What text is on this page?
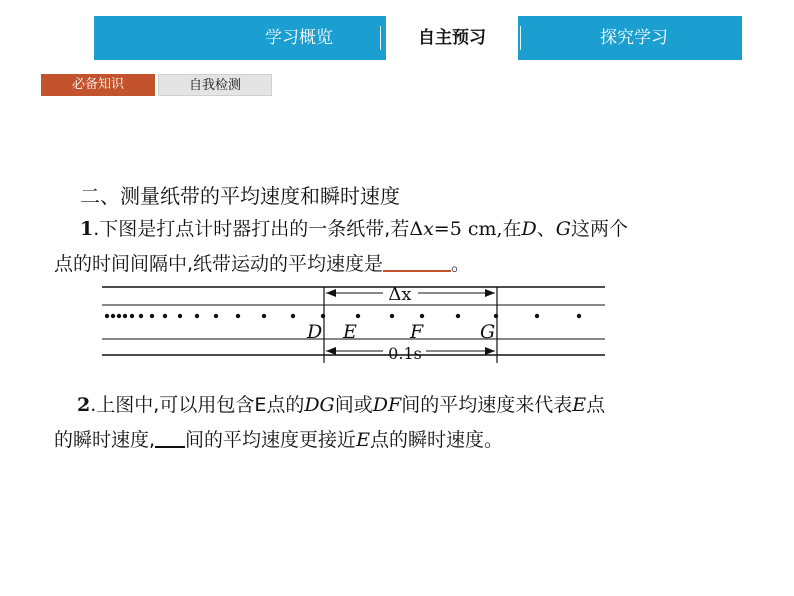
学习概览	自主预习	探究学习
必备知识	自我检测
二、测量纸带的平均速度和瞬时速度
1.下图是打点计时器打出的一条纸带,若Δx=5 cm,在D、G这两个
点的时间间隔中,纸带运动的平均速度是	。
Δx
0.1s
D E	F	G
2.上图中,可以用包含E点的DG间或DF间的平均速度来代表E点
的瞬时速度, 间的平均速度更接近E点的瞬时速度。
